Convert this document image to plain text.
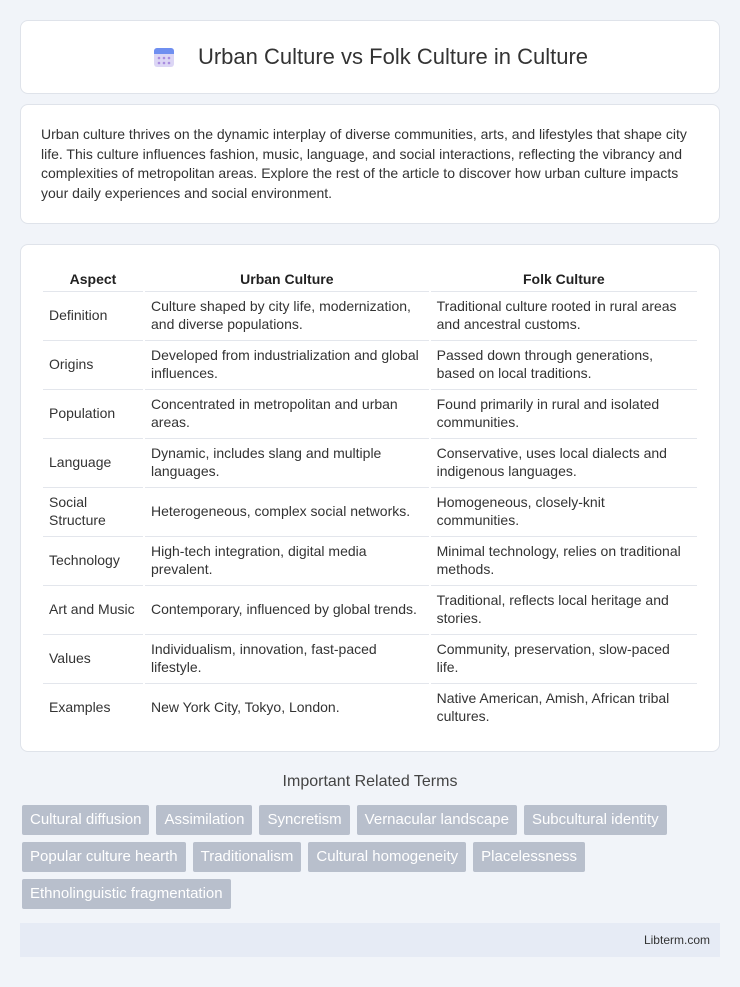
Urban Culture vs Folk Culture in Culture

Urban culture thrives on the dynamic interplay of diverse communities, arts, and lifestyles that shape city life. This culture influences fashion, music, language, and social interactions, reflecting the vibrancy and complexities of metropolitan areas. Explore the rest of the article to discover how urban culture impacts your daily experiences and social environment.

Aspect	Urban Culture	Folk Culture
Definition	Culture shaped by city life, modernization, and diverse populations.	Traditional culture rooted in rural areas and ancestral customs.
Origins	Developed from industrialization and global influences.	Passed down through generations, based on local traditions.
Population	Concentrated in metropolitan and urban areas.	Found primarily in rural and isolated communities.
Language	Dynamic, includes slang and multiple languages.	Conservative, uses local dialects and indigenous languages.
Social Structure	Heterogeneous, complex social networks.	Homogeneous, closely-knit communities.
Technology	High-tech integration, digital media prevalent.	Minimal technology, relies on traditional methods.
Art and Music	Contemporary, influenced by global trends.	Traditional, reflects local heritage and stories.
Values	Individualism, innovation, fast-paced lifestyle.	Community, preservation, slow-paced life.
Examples	New York City, Tokyo, London.	Native American, Amish, African tribal cultures.
Important Related Terms
Cultural diffusion	Assimilation	Syncretism	Vernacular landscape	Subcultural identity
Popular culture hearth	Traditionalism	Cultural homogeneity	Placelessness
Ethnolinguistic fragmentation
Libterm.com
